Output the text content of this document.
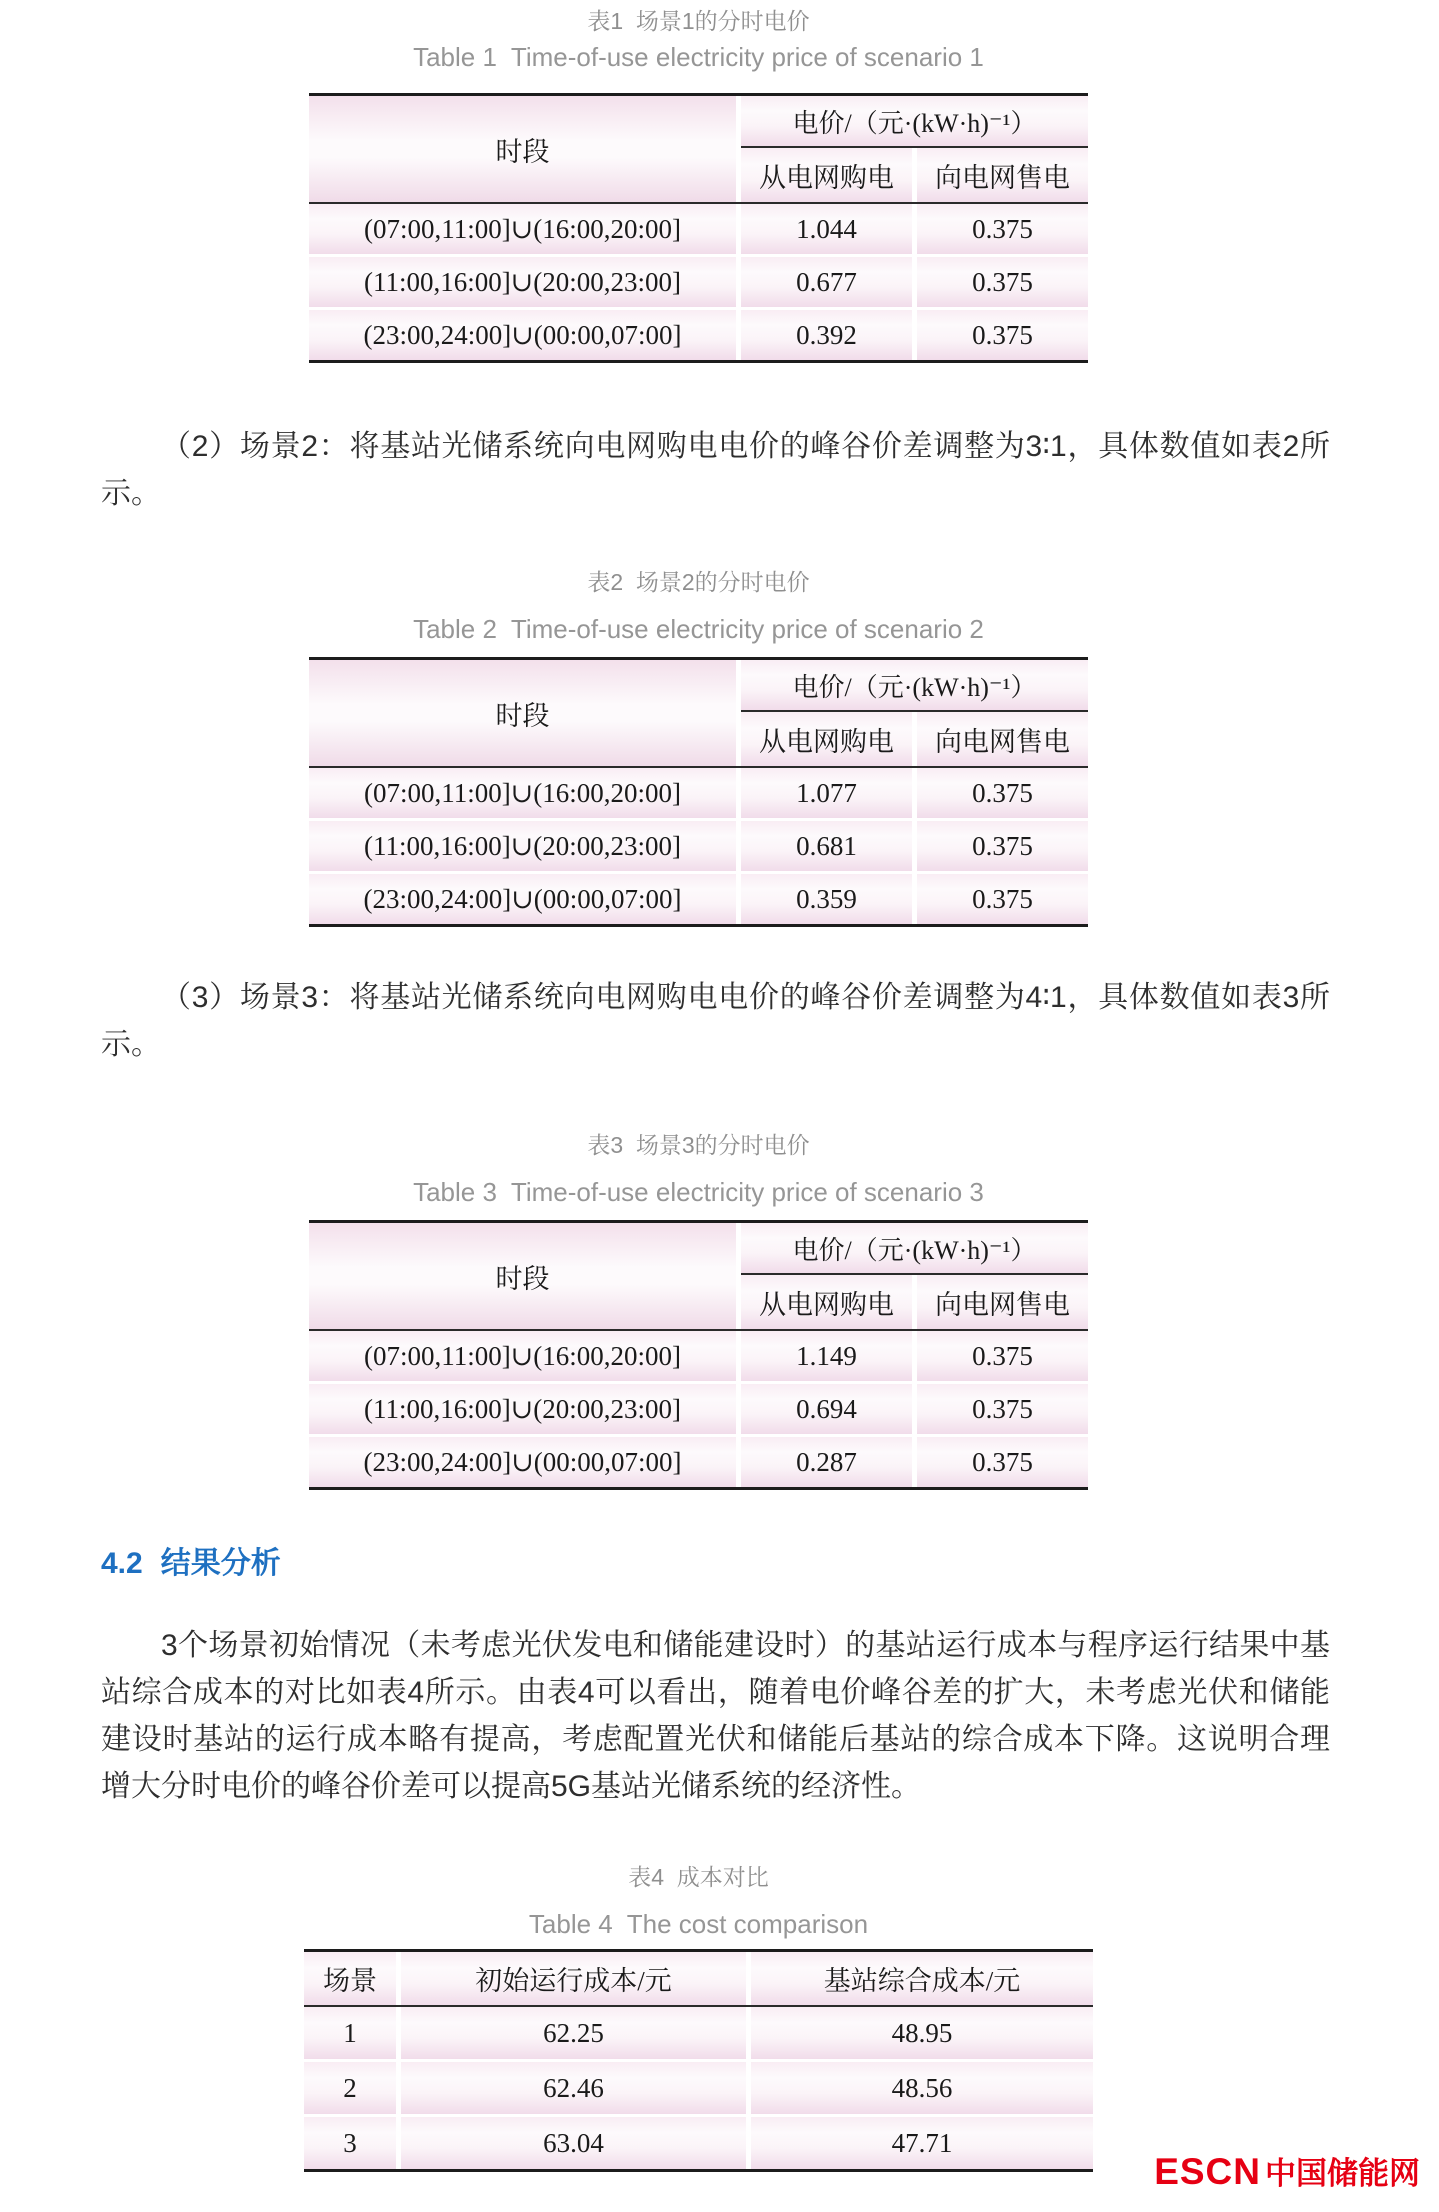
表1  场景1的分时电价
Table 1  Time-of-use electricity price of scenario 1
时段
电价/（元·(kW·h)⁻¹）
从电网购电	向电网售电
(07:00,11:00]∪(16:00,20:00]	1.044	0.375
(11:00,16:00]∪(20:00,23:00]	0.677	0.375
(23:00,24:00]∪(00:00,07:00]	0.392	0.375

（2）场景2：将基站光储系统向电网购电电价的峰谷价差调整为3∶1，具体数值如表2所示。

表2  场景2的分时电价
Table 2  Time-of-use electricity price of scenario 2
时段
电价/（元·(kW·h)⁻¹）
从电网购电	向电网售电
(07:00,11:00]∪(16:00,20:00]	1.077	0.375
(11:00,16:00]∪(20:00,23:00]	0.681	0.375
(23:00,24:00]∪(00:00,07:00]	0.359	0.375

（3）场景3：将基站光储系统向电网购电电价的峰谷价差调整为4∶1，具体数值如表3所示。

表3  场景3的分时电价
Table 3  Time-of-use electricity price of scenario 3
时段
电价/（元·(kW·h)⁻¹）
从电网购电	向电网售电
(07:00,11:00]∪(16:00,20:00]	1.149	0.375
(11:00,16:00]∪(20:00,23:00]	0.694	0.375
(23:00,24:00]∪(00:00,07:00]	0.287	0.375
4.2 结果分析

3个场景初始情况（未考虑光伏发电和储能建设时）的基站运行成本与程序运行结果中基站综合成本的对比如表4所示。由表4可以看出，随着电价峰谷差的扩大，未考虑光伏和储能建设时基站的运行成本略有提高，考虑配置光伏和储能后基站的综合成本下降。这说明合理增大分时电价的峰谷价差可以提高5G基站光储系统的经济性。

表4  成本对比
Table 4  The cost comparison
场景	初始运行成本/元	基站综合成本/元
1	62.25	48.95
2	62.46	48.56
3	63.04	47.71
ESCN 中国储能网
